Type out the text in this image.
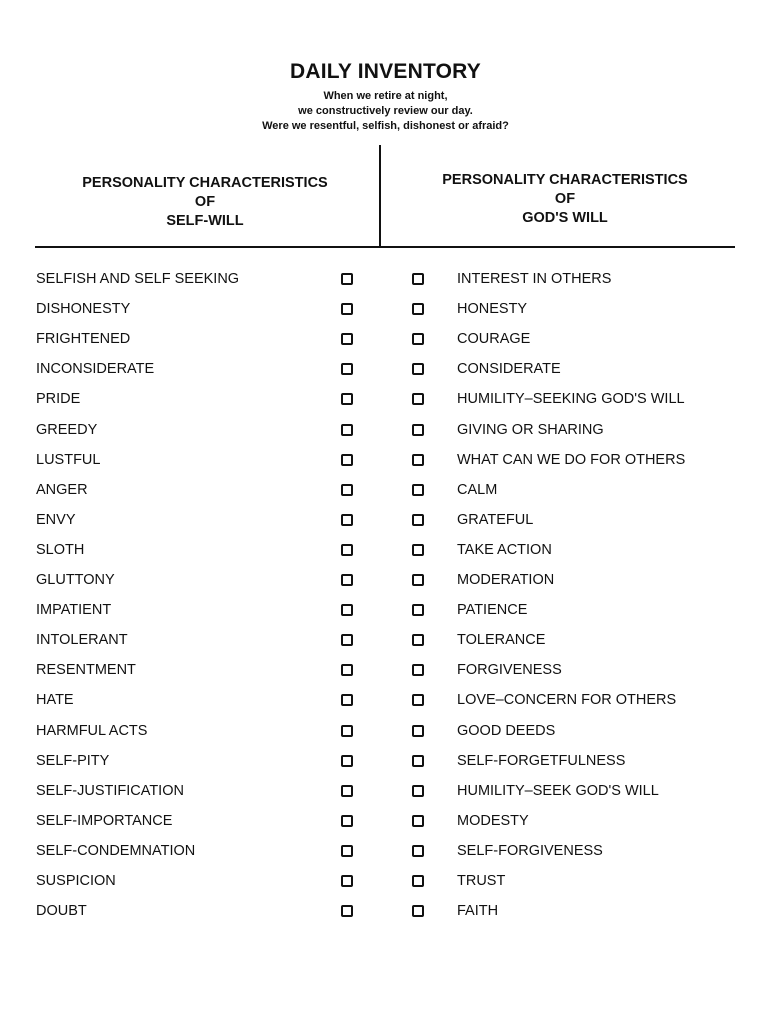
DAILY INVENTORY
When we retire at night,
we constructively review our day.
Were we resentful, selfish, dishonest or afraid?
PERSONALITY CHARACTERISTICS
OF
SELF-WILL
PERSONALITY CHARACTERISTICS
OF
GOD'S WILL
SELFISH AND SELF SEEKING	INTEREST IN OTHERS
DISHONESTY	HONESTY
FRIGHTENED	COURAGE
INCONSIDERATE	CONSIDERATE
PRIDE	HUMILITY–SEEKING GOD'S WILL
GREEDY	GIVING OR SHARING
LUSTFUL	WHAT CAN WE DO FOR OTHERS
ANGER	CALM
ENVY	GRATEFUL
SLOTH	TAKE ACTION
GLUTTONY	MODERATION
IMPATIENT	PATIENCE
INTOLERANT	TOLERANCE
RESENTMENT	FORGIVENESS
HATE	LOVE–CONCERN FOR OTHERS
HARMFUL ACTS	GOOD DEEDS
SELF-PITY	SELF-FORGETFULNESS
SELF-JUSTIFICATION	HUMILITY–SEEK GOD'S WILL
SELF-IMPORTANCE	MODESTY
SELF-CONDEMNATION	SELF-FORGIVENESS
SUSPICION	TRUST
DOUBT	FAITH
